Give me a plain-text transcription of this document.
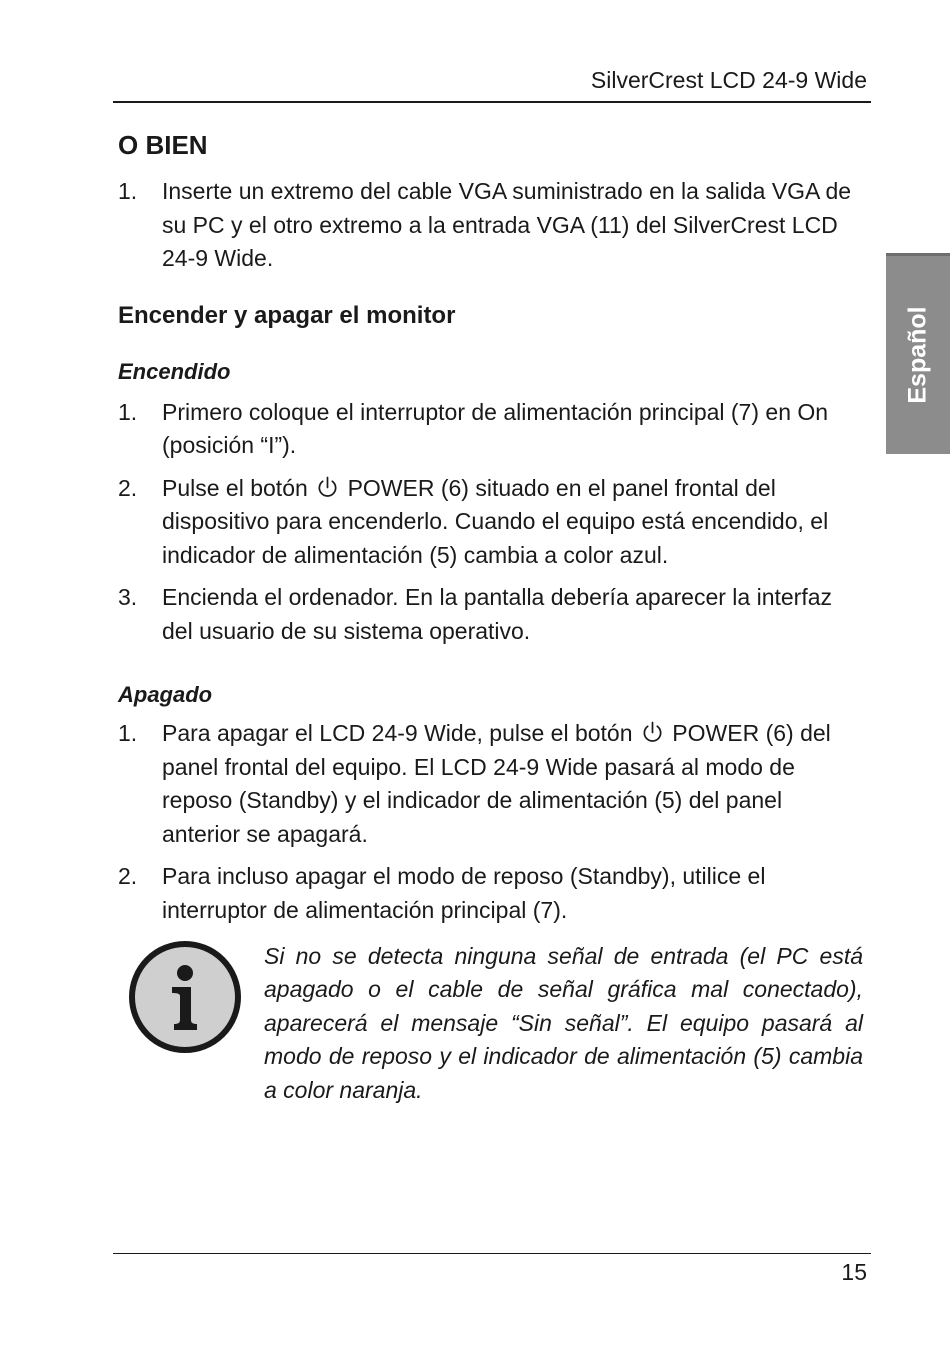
SilverCrest LCD 24-9 Wide
Español
O BIEN
1. Inserte un extremo del cable VGA suministrado en la salida VGA de su PC y el otro extremo a la entrada VGA (11) del SilverCrest LCD 24-9 Wide.
Encender y apagar el monitor
Encendido
1. Primero coloque el interruptor de alimentación principal (7) en On (posición “I”).
2. Pulse el botón POWER (6) situado en el panel frontal del dispositivo para encenderlo. Cuando el equipo está encendido, el indicador de alimentación (5) cambia a color azul.
3. Encienda el ordenador. En la pantalla debería aparecer la interfaz del usuario de su sistema operativo.
Apagado
1. Para apagar el LCD 24-9 Wide, pulse el botón POWER (6) del panel frontal del equipo. El LCD 24-9 Wide pasará al modo de reposo (Standby) y el indicador de alimentación (5) del panel anterior se apagará.
2. Para incluso apagar el modo de reposo (Standby), utilice el interruptor de alimentación principal (7).

Si no se detecta ninguna señal de entrada (el PC está apagado o el cable de señal gráfica mal conectado), aparecerá el mensaje “Sin señal”. El equipo pasará al modo de reposo y el indicador de alimentación (5) cambia a color naranja.

15
